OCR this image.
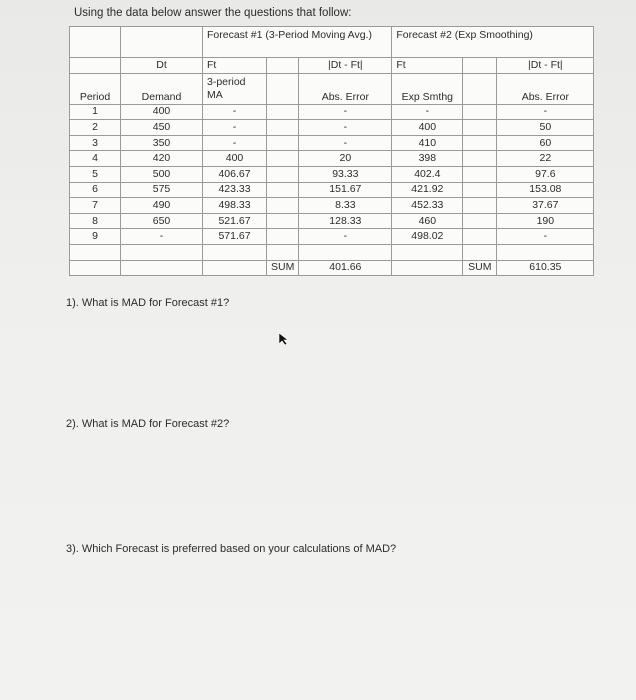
Using the data below answer the questions that follow:
		Forecast #1 (3-Period Moving Avg.)			Forecast #2 (Exp Smoothing)		
	Dt	Ft		|Dt - Ft|	Ft		|Dt - Ft|
Period	Demand	3-period MA		Abs. Error	Exp Smthg		Abs. Error
1	400	-		-	-		-
2	450	-		-	400		50
3	350	-		-	410		60
4	420	400		20	398		22
5	500	406.67		93.33	402.4		97.6
6	575	423.33		151.67	421.92		153.08
7	490	498.33		8.33	452.33		37.67
8	650	521.67		128.33	460		190
9	-	571.67		-	498.02		-

			SUM	401.66		SUM	610.35
1). What is MAD for Forecast #1?
2). What is MAD for Forecast #2?
3). Which Forecast is preferred based on your calculations of MAD?
